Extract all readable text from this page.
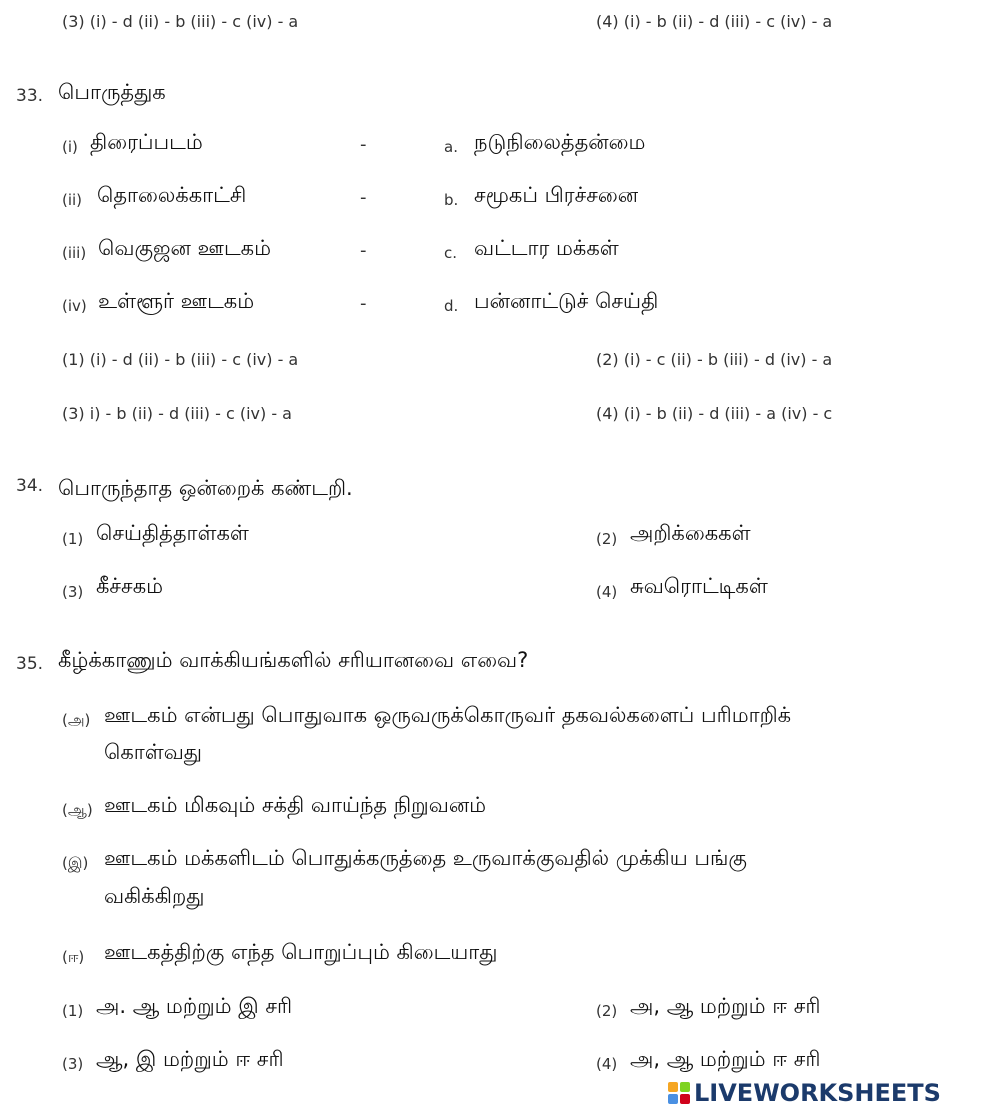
(3) (i) - d (ii) - b (iii) - c (iv) - a	(4) (i) - b (ii) - d (iii) - c (iv) - a
33. பொருத்துக
(i) திரைப்படம்	-	a. நடுநிலைத்தன்மை
(ii) தொலைக்காட்சி	-	b. சமூகப் பிரச்சனை
(iii) வெகுஜன ஊடகம்	-	c. வட்டார மக்கள்
(iv) உள்ளூர் ஊடகம்	-	d. பன்னாட்டுச் செய்தி
(1) (i) - d (ii) - b (iii) - c (iv) - a	(2) (i) - c (ii) - b (iii) - d (iv) - a
(3) i) - b (ii) - d (iii) - c (iv) - a	(4) (i) - b (ii) - d (iii) - a (iv) - c
34. பொருந்தாத ஒன்றைக் கண்டறி.
(1) செய்தித்தாள்கள்	(2) அறிக்கைகள்
(3) கீச்சகம்	(4) சுவரொட்டிகள்
35. கீழ்க்காணும் வாக்கியங்களில் சரியானவை எவை?
(அ) ஊடகம் என்பது பொதுவாக ஒருவருக்கொருவர் தகவல்களைப் பரிமாறிக்
கொள்வது
(ஆ) ஊடகம் மிகவும் சக்தி வாய்ந்த நிறுவனம்
(இ) ஊடகம் மக்களிடம் பொதுக்கருத்தை உருவாக்குவதில் முக்கிய பங்கு
வகிக்கிறது
(ஈ) ஊடகத்திற்கு எந்த பொறுப்பும் கிடையாது
(1) அ. ஆ மற்றும் இ சரி	(2) அ, ஆ மற்றும் ஈ சரி
(3) ஆ, இ மற்றும் ஈ சரி	(4) அ, ஆ மற்றும் ஈ சரி
LIVEWORKSHEETS
